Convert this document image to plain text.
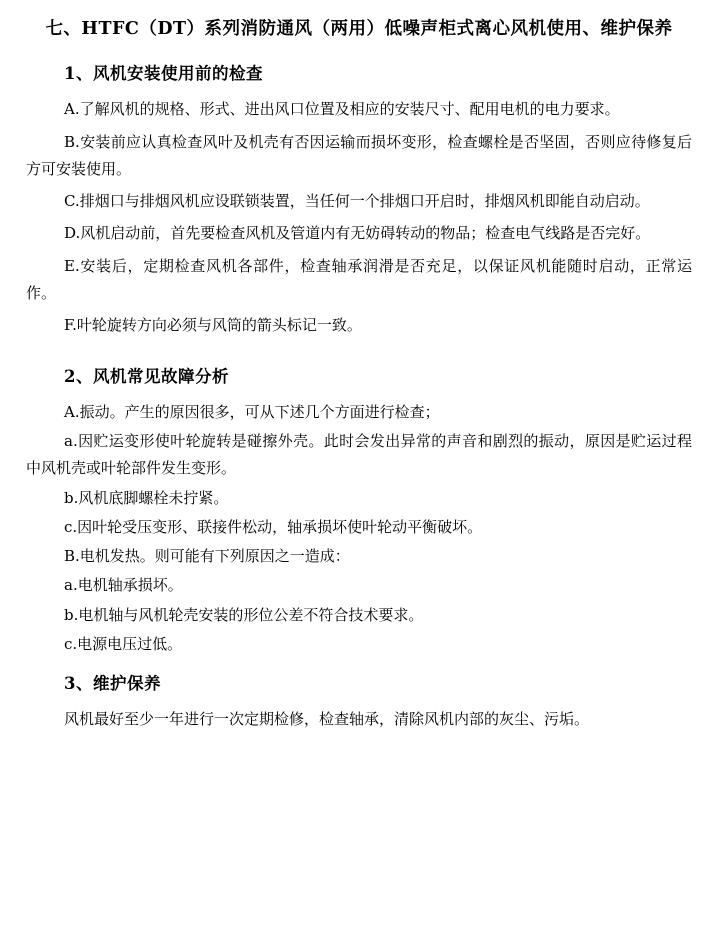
七、HTFC（DT）系列消防通风（两用）低噪声柜式离心风机使用、维护保养
1、风机安装使用前的检查

A.了解风机的规格、形式、进出风口位置及相应的安装尺寸、配用电机的电力要求。

B.安装前应认真检查风叶及机壳有否因运输而损坏变形，检查螺栓是否坚固，否则应待修复后方可安装使用。

C.排烟口与排烟风机应设联锁装置，当任何一个排烟口开启时，排烟风机即能自动启动。

D.风机启动前，首先要检查风机及管道内有无妨碍转动的物品；检查电气线路是否完好。

E.安装后，定期检查风机各部件，检查轴承润滑是否充足，以保证风机能随时启动，正常运作。

F.叶轮旋转方向必须与风筒的箭头标记一致。

2、风机常见故障分析

A.振动。产生的原因很多，可从下述几个方面进行检查；

a.因贮运变形使叶轮旋转是碰擦外壳。此时会发出异常的声音和剧烈的振动，原因是贮运过程中风机壳或叶轮部件发生变形。

b.风机底脚螺栓未拧紧。

c.因叶轮受压变形、联接件松动，轴承损坏使叶轮动平衡破坏。

B.电机发热。则可能有下列原因之一造成：

a.电机轴承损坏。

b.电机轴与风机轮壳安装的形位公差不符合技术要求。

c.电源电压过低。

3、维护保养

风机最好至少一年进行一次定期检修，检查轴承，清除风机内部的灰尘、污垢。
